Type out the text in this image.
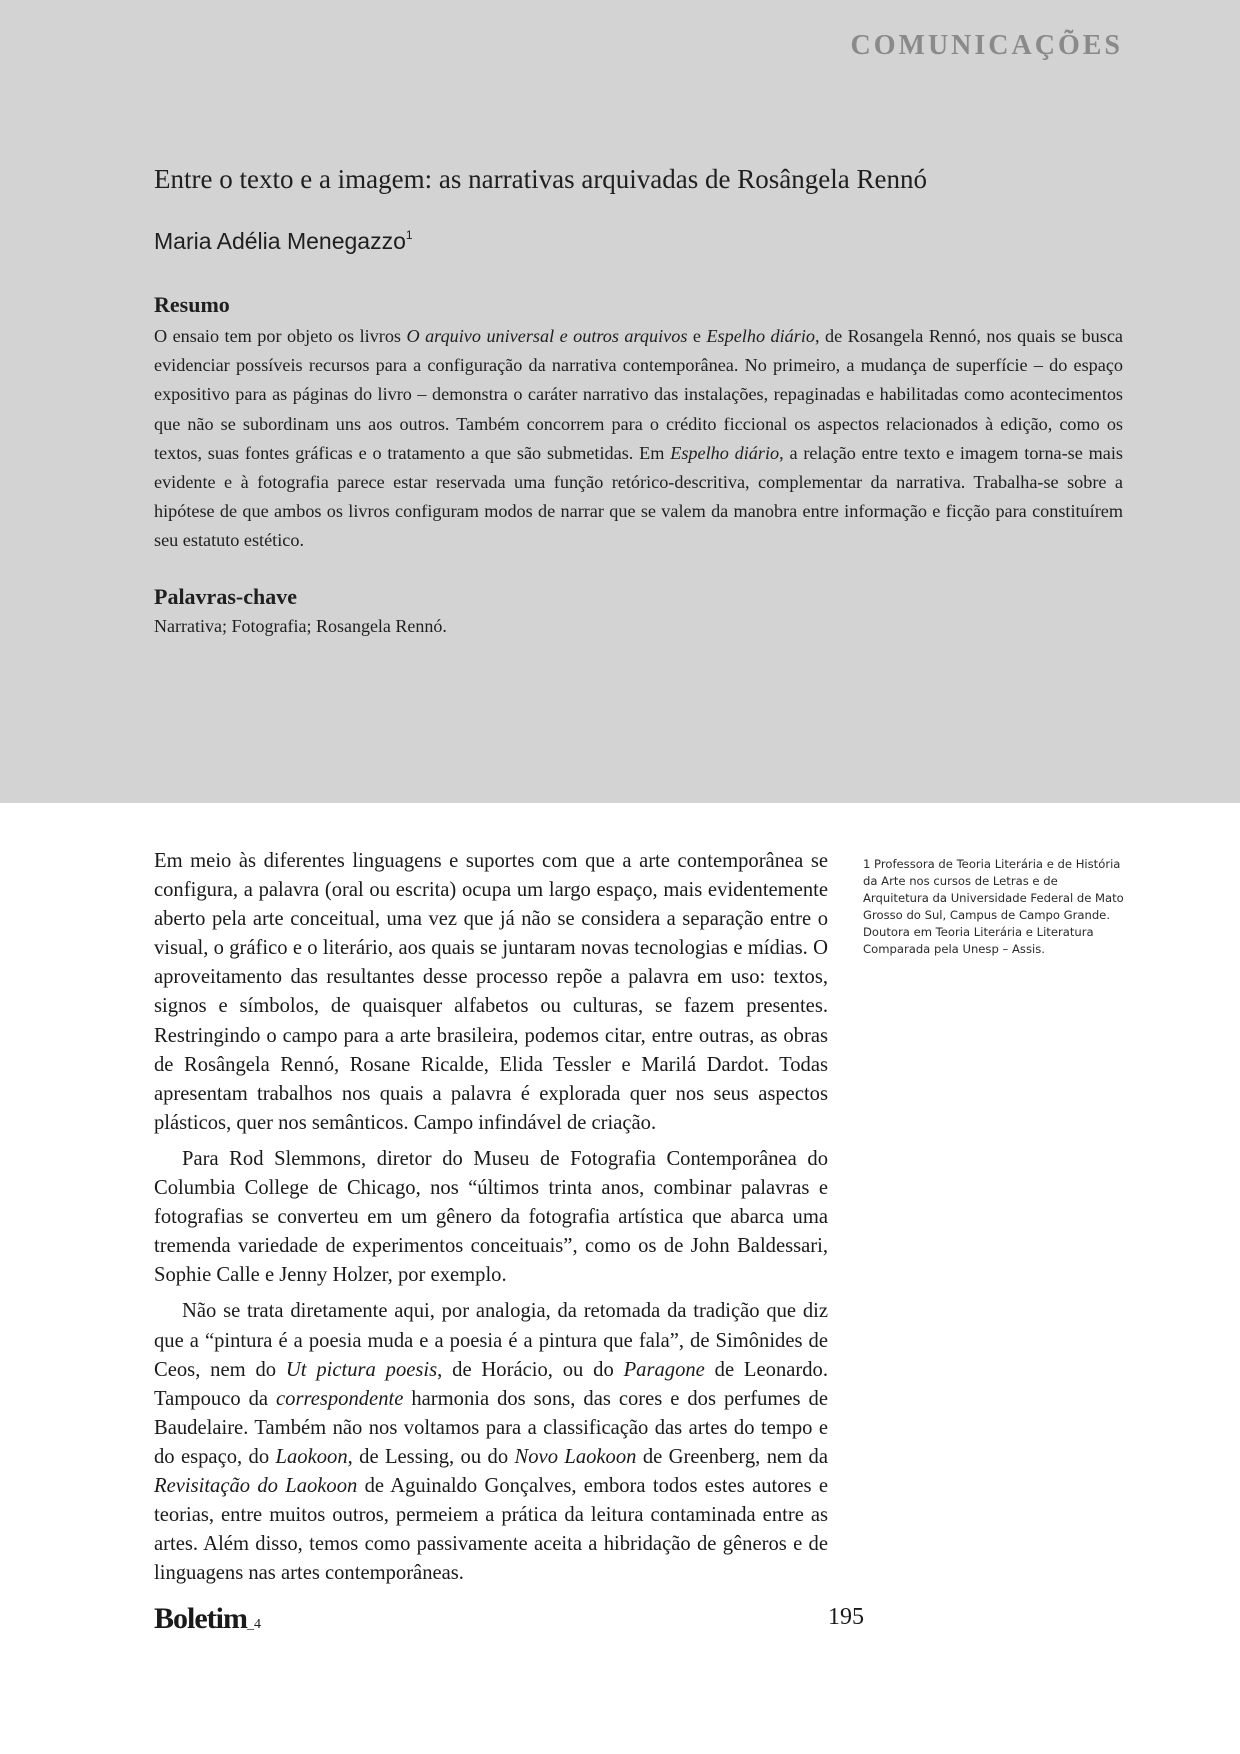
COMUNICAÇÕES
Entre o texto e a imagem: as narrativas arquivadas de Rosângela Rennó
Maria Adélia Menegazzo$^1$
Resumo
O ensaio tem por objeto os livros O arquivo universal e outros arquivos e Espelho diário, de Rosangela Rennó, nos quais se busca evidenciar possíveis recursos para a configuração da narrativa contemporânea. No primeiro, a mudança de superfície – do espaço expositivo para as páginas do livro – demonstra o caráter narrativo das instalações, repaginadas e habilitadas como acontecimentos que não se subordinam uns aos outros. Também concorrem para o crédito ficcional os aspectos relacionados à edição, como os textos, suas fontes gráficas e o tratamento a que são submetidas. Em Espelho diário, a relação entre texto e imagem torna-se mais evidente e à fotografia parece estar reservada uma função retórico-descritiva, complementar da narrativa. Trabalha-se sobre a hipótese de que ambos os livros configuram modos de narrar que se valem da manobra entre informação e ficção para constituírem seu estatuto estético.
Palavras-chave
Narrativa; Fotografia; Rosangela Rennó.

Em meio às diferentes linguagens e suportes com que a arte contemporânea se configura, a palavra (oral ou escrita) ocupa um largo espaço, mais evidentemente aberto pela arte conceitual, uma vez que já não se considera a separação entre o visual, o gráfico e o literário, aos quais se juntaram novas tecnologias e mídias. O aproveitamento das resultantes desse processo repõe a palavra em uso: textos, signos e símbolos, de quaisquer alfabetos ou culturas, se fazem presentes. Restringindo o campo para a arte brasileira, podemos citar, entre outras, as obras de Rosângela Rennó, Rosane Ricalde, Elida Tessler e Marilá Dardot. Todas apresentam trabalhos nos quais a palavra é explorada quer nos seus aspectos plásticos, quer nos semânticos. Campo infindável de criação.

Para Rod Slemmons, diretor do Museu de Fotografia Contemporânea do Columbia College de Chicago, nos “últimos trinta anos, combinar palavras e fotografias se converteu em um gênero da fotografia artística que abarca uma tremenda variedade de experimentos conceituais”, como os de John Baldessari, Sophie Calle e Jenny Holzer, por exemplo.

Não se trata diretamente aqui, por analogia, da retomada da tradição que diz que a “pintura é a poesia muda e a poesia é a pintura que fala”, de Simônides de Ceos, nem do Ut pictura poesis, de Horácio, ou do Paragone de Leonardo. Tampouco da correspondente harmonia dos sons, das cores e dos perfumes de Baudelaire. Também não nos voltamos para a classificação das artes do tempo e do espaço, do Laokoon, de Lessing, ou do Novo Laokoon de Greenberg, nem da Revisitação do Laokoon de Aguinaldo Gonçalves, embora todos estes autores e teorias, entre muitos outros, permeiem a prática da leitura contaminada entre as artes. Além disso, temos como passivamente aceita a hibridação de gêneros e de linguagens nas artes contemporâneas.

1 Professora de Teoria Literária e de História da Arte nos cursos de Letras e de Arquitetura da Universidade Federal de Mato Grosso do Sul, Campus de Campo Grande. Doutora em Teoria Literária e Literatura Comparada pela Unesp – Assis.
Boletim_4	195
